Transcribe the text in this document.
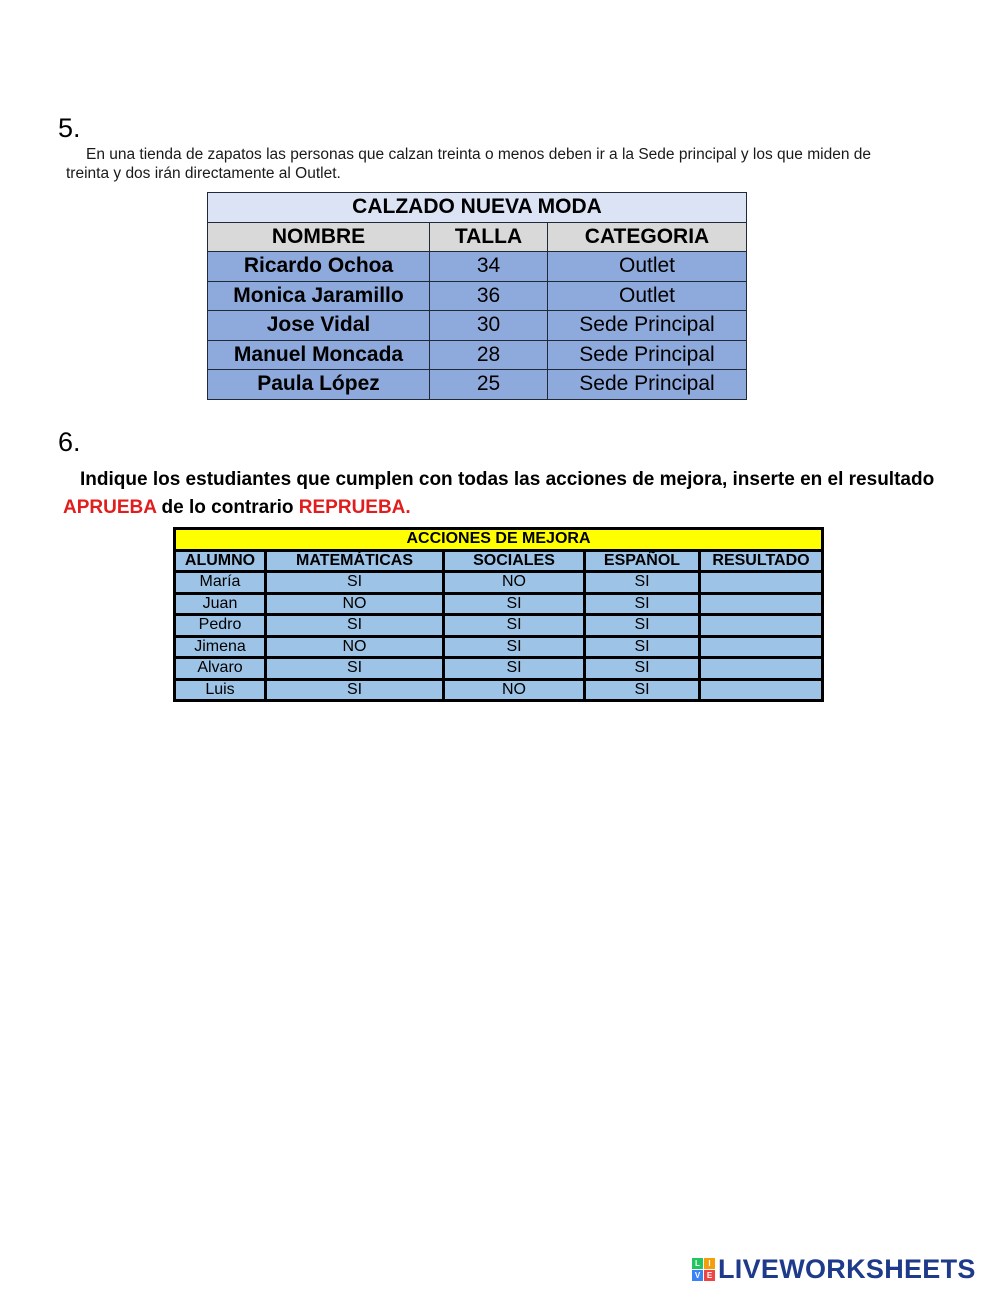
5.
En una tienda de zapatos las personas que calzan treinta o menos deben ir a la Sede principal y los que miden de treinta y dos irán directamente al Outlet.
CALZADO NUEVA MODA		
NOMBRE	TALLA	CATEGORIA
Ricardo Ochoa	34	Outlet
Monica Jaramillo	36	Outlet
Jose Vidal	30	Sede Principal
Manuel Moncada	28	Sede Principal
Paula López	25	Sede Principal
6.
Indique los estudiantes que cumplen con todas las acciones de mejora, inserte en el resultado APRUEBA de lo contrario REPRUEBA.
ACCIONES DE MEJORA				
ALUMNO	MATEMÁTICAS	SOCIALES	ESPAÑOL	RESULTADO
María	SI	NO	SI	
Juan	NO	SI	SI	
Pedro	SI	SI	SI	
Jimena	NO	SI	SI	
Alvaro	SI	SI	SI	
Luis	SI	NO	SI	
L	I
V E LIVEWORKSHEETS
